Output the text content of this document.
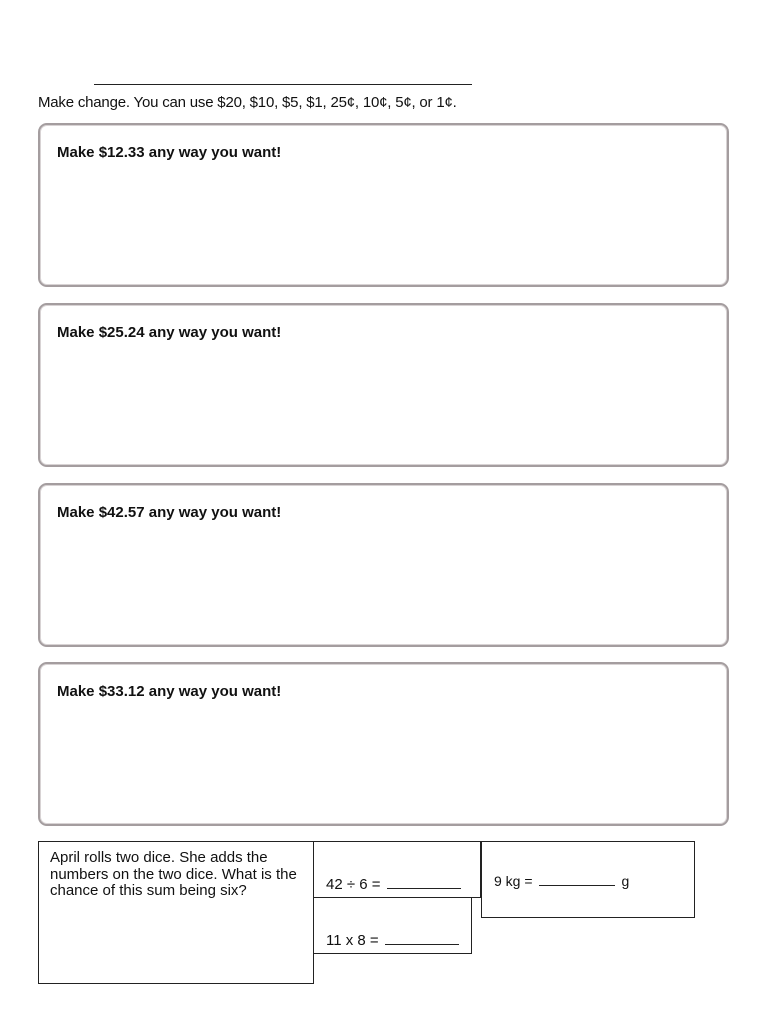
Make change. You can use $20, $10, $5, $1, 25¢, 10¢, 5¢, or 1¢.
Make $12.33 any way you want!
Make $25.24 any way you want!
Make $42.57 any way you want!
Make $33.12 any way you want!
April rolls two dice. She adds the numbers on the two dice. What is the chance of this sum being six?	42 ÷ 6 =
11 x 8 =
9 kg =	g
